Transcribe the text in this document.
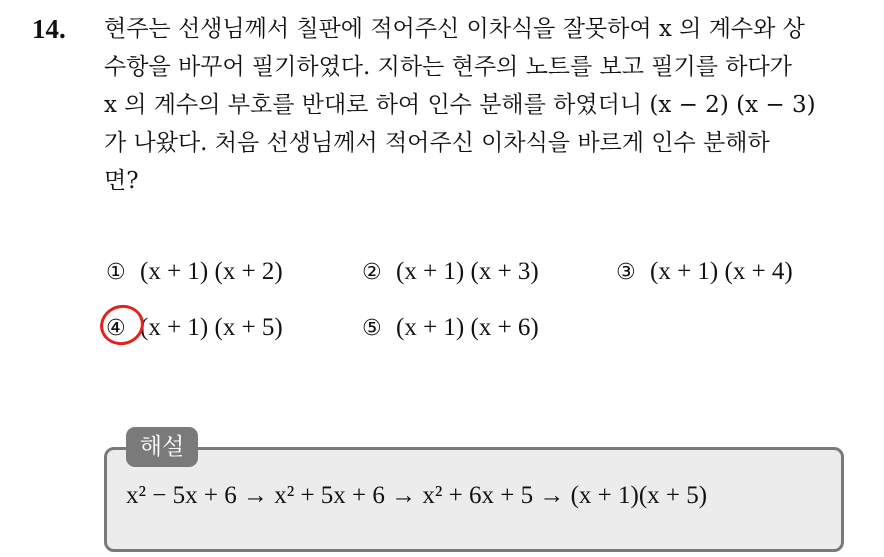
14. 현주는 선생님께서 칠판에 적어주신 이차식을 잘못하여 x 의 계수와 상
수항을 바꾸어 필기하였다. 지하는 현주의 노트를 보고 필기를 하다가
x 의 계수의 부호를 반대로 하여 인수 분해를 하였더니 (x − 2) (x − 3)
가 나왔다. 처음 선생님께서 적어주신 이차식을 바르게 인수 분해하
면?
① (x + 1) (x + 2)	② (x + 1) (x + 3)	③ (x + 1) (x + 4)
④ (x + 1) (x + 5)	⑤ (x + 1) (x + 6)
해설
x² − 5x + 6 → x² + 5x + 6 → x² + 6x + 5 → (x + 1)(x + 5)
